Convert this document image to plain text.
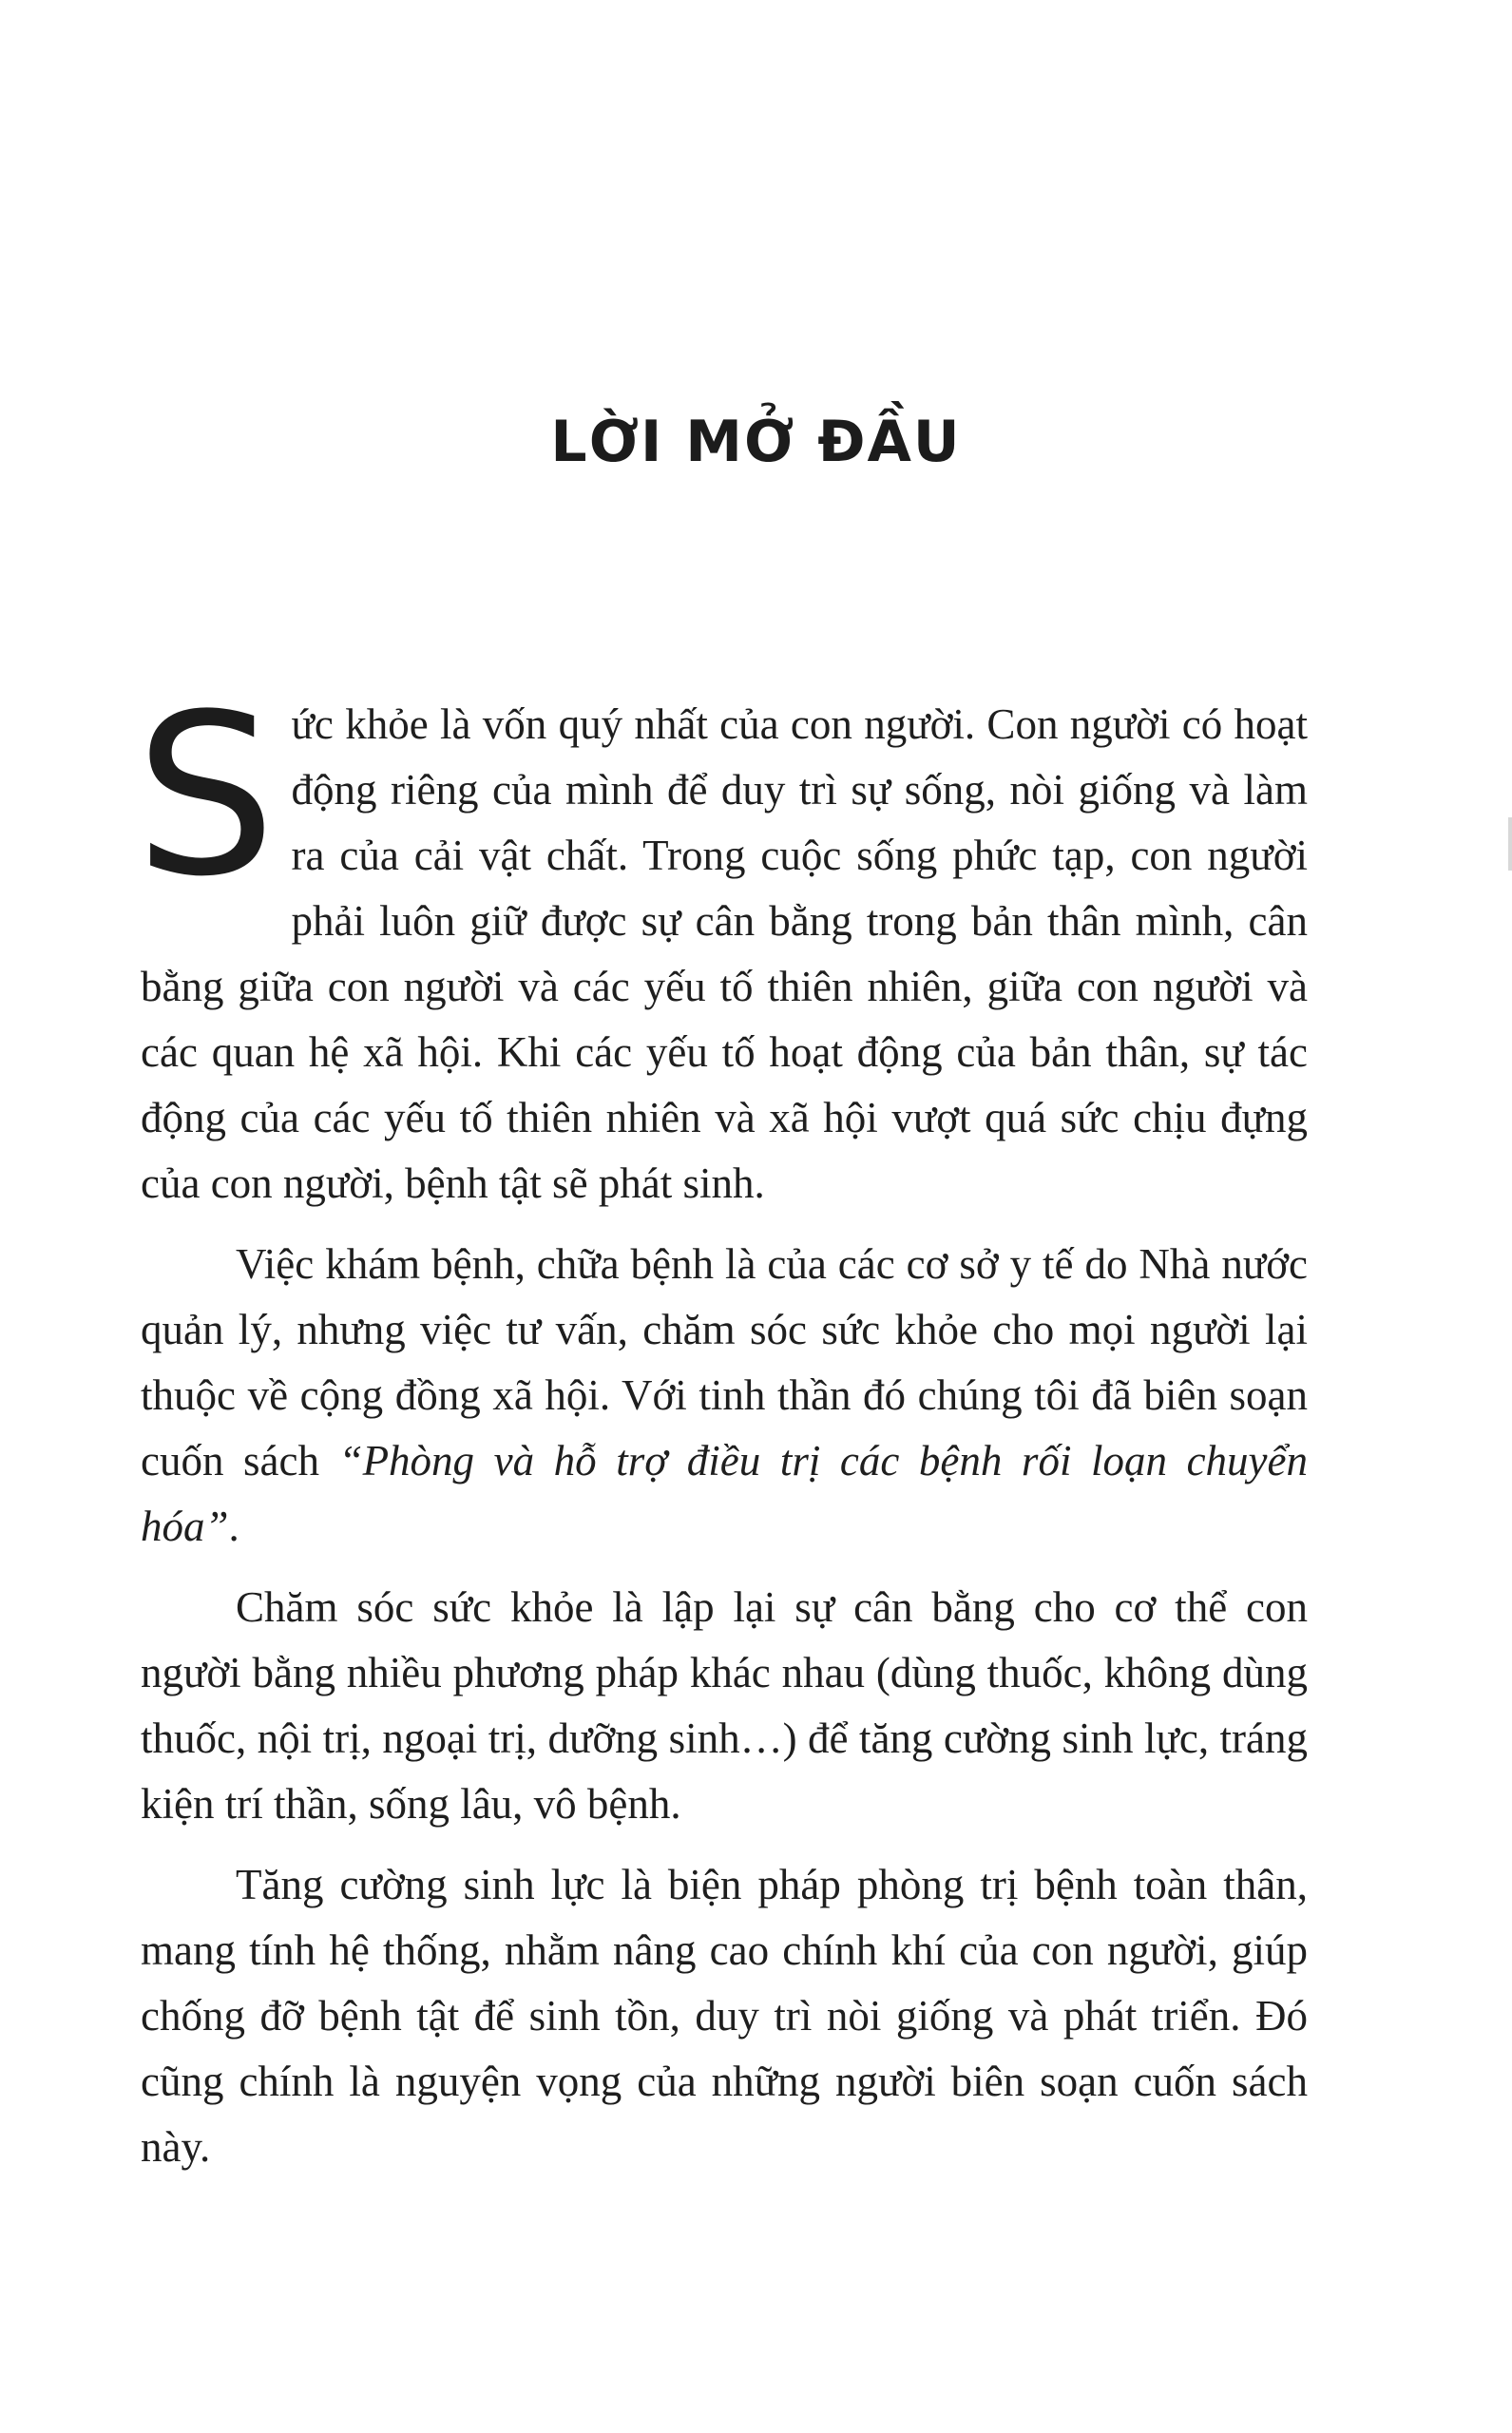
LỜI MỞ ĐẦU

Sức khỏe là vốn quý nhất của con người. Con người có hoạt động riêng của mình để duy trì sự sống, nòi giống và làm ra của cải vật chất. Trong cuộc sống phức tạp, con người phải luôn giữ được sự cân bằng trong bản thân mình, cân bằng giữa con người và các yếu tố thiên nhiên, giữa con người và các quan hệ xã hội. Khi các yếu tố hoạt động của bản thân, sự tác động của các yếu tố thiên nhiên và xã hội vượt quá sức chịu đựng của con người, bệnh tật sẽ phát sinh.

Việc khám bệnh, chữa bệnh là của các cơ sở y tế do Nhà nước quản lý, nhưng việc tư vấn, chăm sóc sức khỏe cho mọi người lại thuộc về cộng đồng xã hội. Với tinh thần đó chúng tôi đã biên soạn cuốn sách “Phòng và hỗ trợ điều trị các bệnh rối loạn chuyển hóa”.

Chăm sóc sức khỏe là lập lại sự cân bằng cho cơ thể con người bằng nhiều phương pháp khác nhau (dùng thuốc, không dùng thuốc, nội trị, ngoại trị, dưỡng sinh…) để tăng cường sinh lực, tráng kiện trí thần, sống lâu, vô bệnh.

Tăng cường sinh lực là biện pháp phòng trị bệnh toàn thân, mang tính hệ thống, nhằm nâng cao chính khí của con người, giúp chống đỡ bệnh tật để sinh tồn, duy trì nòi giống và phát triển. Đó cũng chính là nguyện vọng của những người biên soạn cuốn sách này.
